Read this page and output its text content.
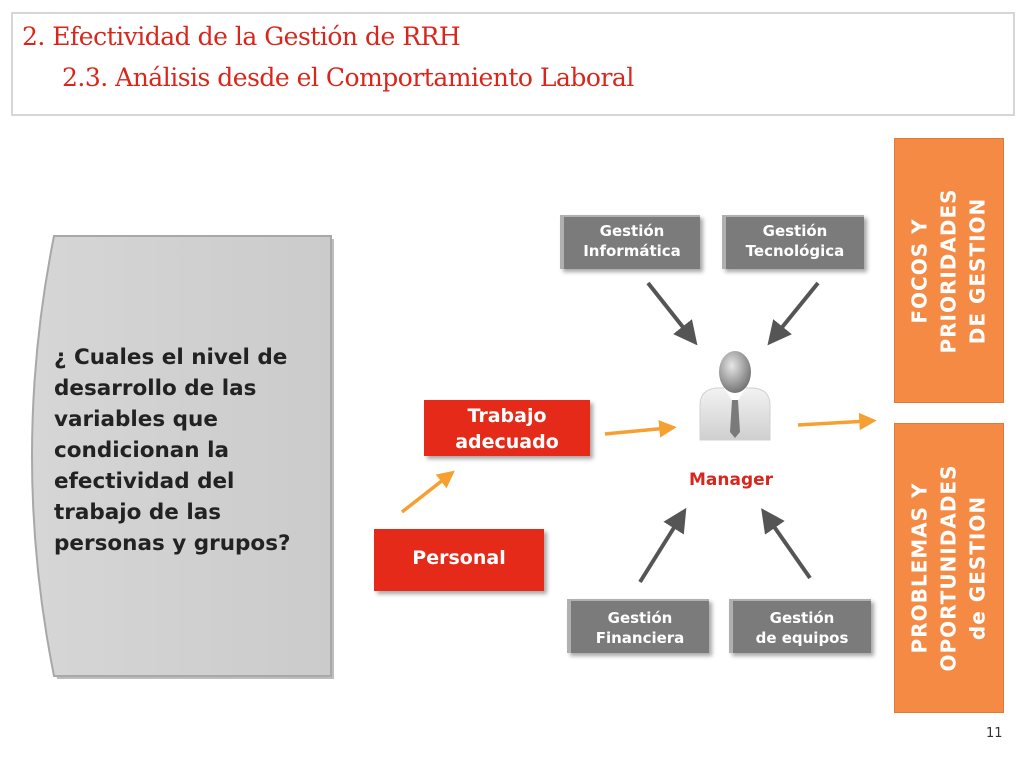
2. Efectividad de la Gestión de RRH
2.3. Análisis desde el Comportamiento Laboral
¿ Cuales el nivel de
desarrollo de las
variables que
condicionan la
efectividad del
trabajo de las
personas y grupos?
Gestión
Informática
Gestión
Tecnológica
Gestión
Financiera
Gestión
de equipos
Trabajo
adecuado
Personal
Manager
FOCOS Y PRIORIDADES DE GESTION
PROBLEMAS Y OPORTUNIDADES de GESTION
11
